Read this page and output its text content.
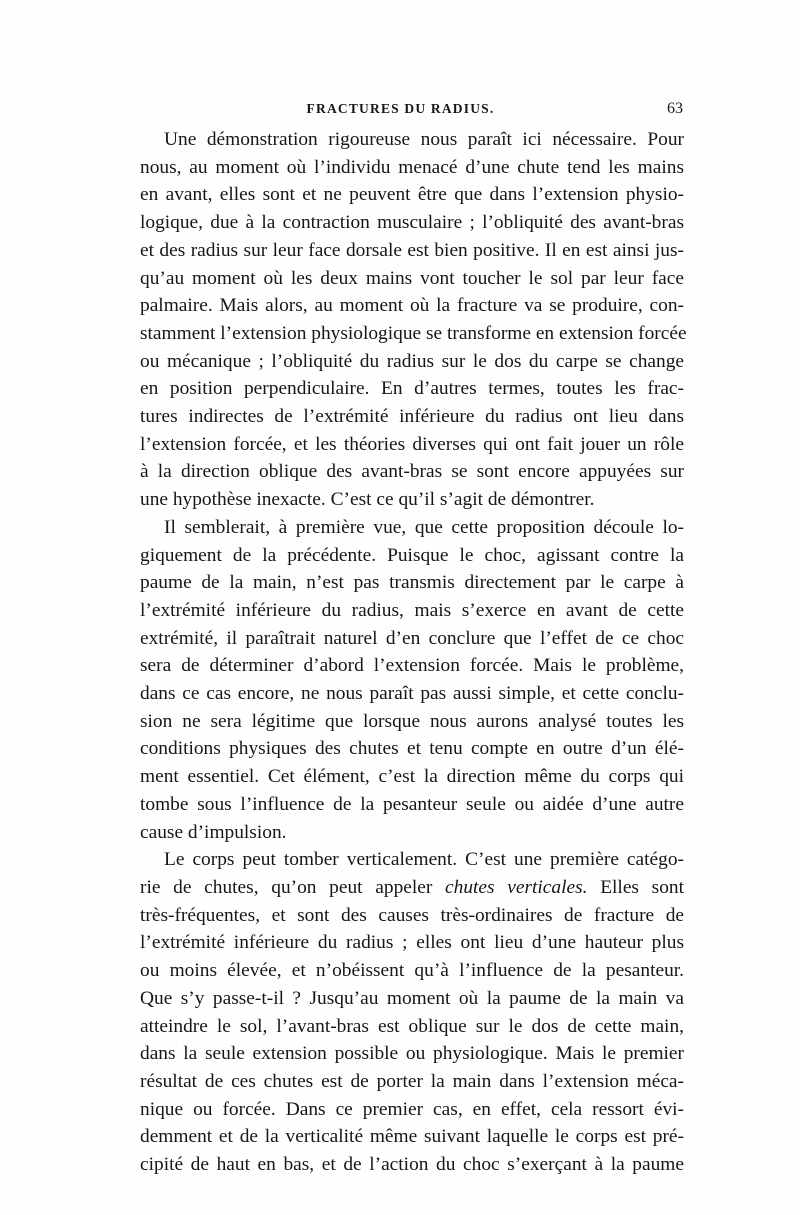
FRACTURES DU RADIUS.	63

Une démonstration rigoureuse nous paraît ici nécessaire. Pour
nous, au moment où l’individu menacé d’une chute tend les mains
en avant, elles sont et ne peuvent être que dans l’extension physio-
logique, due à la contraction musculaire ; l’obliquité des avant-bras
et des radius sur leur face dorsale est bien positive. Il en est ainsi jus-
qu’au moment où les deux mains vont toucher le sol par leur face
palmaire. Mais alors, au moment où la fracture va se produire, con-
stamment l’extension physiologique se transforme en extension forcée
ou mécanique ; l’obliquité du radius sur le dos du carpe se change
en position perpendiculaire. En d’autres termes, toutes les frac-
tures indirectes de l’extrémité inférieure du radius ont lieu dans
l’extension forcée, et les théories diverses qui ont fait jouer un rôle
à la direction oblique des avant-bras se sont encore appuyées sur
une hypothèse inexacte. C’est ce qu’il s’agit de démontrer.

Il semblerait, à première vue, que cette proposition découle lo-
giquement de la précédente. Puisque le choc, agissant contre la
paume de la main, n’est pas transmis directement par le carpe à
l’extrémité inférieure du radius, mais s’exerce en avant de cette
extrémité, il paraîtrait naturel d’en conclure que l’effet de ce choc
sera de déterminer d’abord l’extension forcée. Mais le problème,
dans ce cas encore, ne nous paraît pas aussi simple, et cette conclu-
sion ne sera légitime que lorsque nous aurons analysé toutes les
conditions physiques des chutes et tenu compte en outre d’un élé-
ment essentiel. Cet élément, c’est la direction même du corps qui
tombe sous l’influence de la pesanteur seule ou aidée d’une autre
cause d’impulsion.

Le corps peut tomber verticalement. C’est une première catégo-
rie de chutes, qu’on peut appeler chutes verticales. Elles sont
très-fréquentes, et sont des causes très-ordinaires de fracture de
l’extrémité inférieure du radius ; elles ont lieu d’une hauteur plus
ou moins élevée, et n’obéissent qu’à l’influence de la pesanteur.
Que s’y passe-t-il ? Jusqu’au moment où la paume de la main va
atteindre le sol, l’avant-bras est oblique sur le dos de cette main,
dans la seule extension possible ou physiologique. Mais le premier
résultat de ces chutes est de porter la main dans l’extension méca-
nique ou forcée. Dans ce premier cas, en effet, cela ressort évi-
demment et de la verticalité même suivant laquelle le corps est pré-
cipité de haut en bas, et de l’action du choc s’exerçant à la paume
